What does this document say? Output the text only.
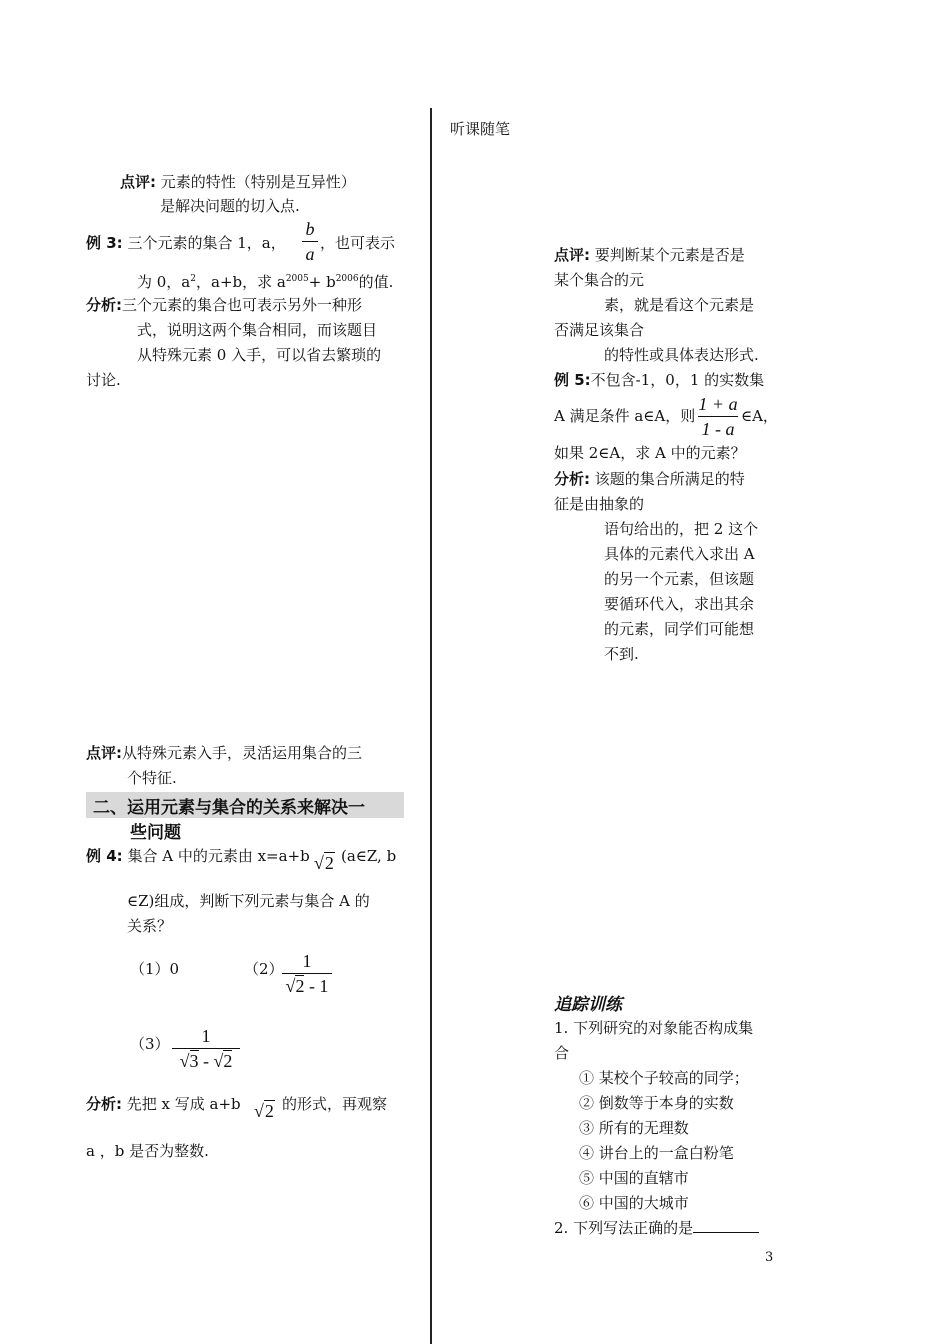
听课随笔
点评: 元素的特性（特别是互异性）
是解决问题的切入点.
例 3: 三个元素的集合 1，a，
b
a
，也可表示
为 0，$a^2$，a+b，求 $a^{2005}+ b^{2006}$的值.
分析:三个元素的集合也可表示另外一种形
式，说明这两个集合相同，而该题目
从特殊元素 0 入手，可以省去繁琐的
讨论.
点评:从特殊元素入手，灵活运用集合的三
个特征.
二、运用元素与集合的关系来解决一
些问题
例 4: 集合 A 中的元素由 x=a+b √2 (a∈Z, b
∈Z)组成，判断下列元素与集合 A 的
关系？
（1）0	（2）	1
√2 - 1
（3）	1
√3 - √2
分析: 先把 x 写成 a+b √2 的形式，再观察
a ，b 是否为整数.
点评: 要判断某个元素是否是
某个集合的元
素，就是看这个元素是
否满足该集合
的特性或具体表达形式.
例 5:不包含-1，0，1 的实数集
A 满足条件 a∈A，则
1 + a
1 - a
∈A，
如果 2∈A，求 A 中的元素？
分析: 该题的集合所满足的特
征是由抽象的
语句给出的，把 2 这个
具体的元素代入求出 A
的另一个元素，但该题
要循环代入，求出其余
的元素，同学们可能想
不到.
追踪训练
1. 下列研究的对象能否构成集
合
① 某校个子较高的同学；
② 倒数等于本身的实数
③ 所有的无理数
④ 讲台上的一盒白粉笔
⑤ 中国的直辖市
⑥ 中国的大城市
2. 下列写法正确的是
3
